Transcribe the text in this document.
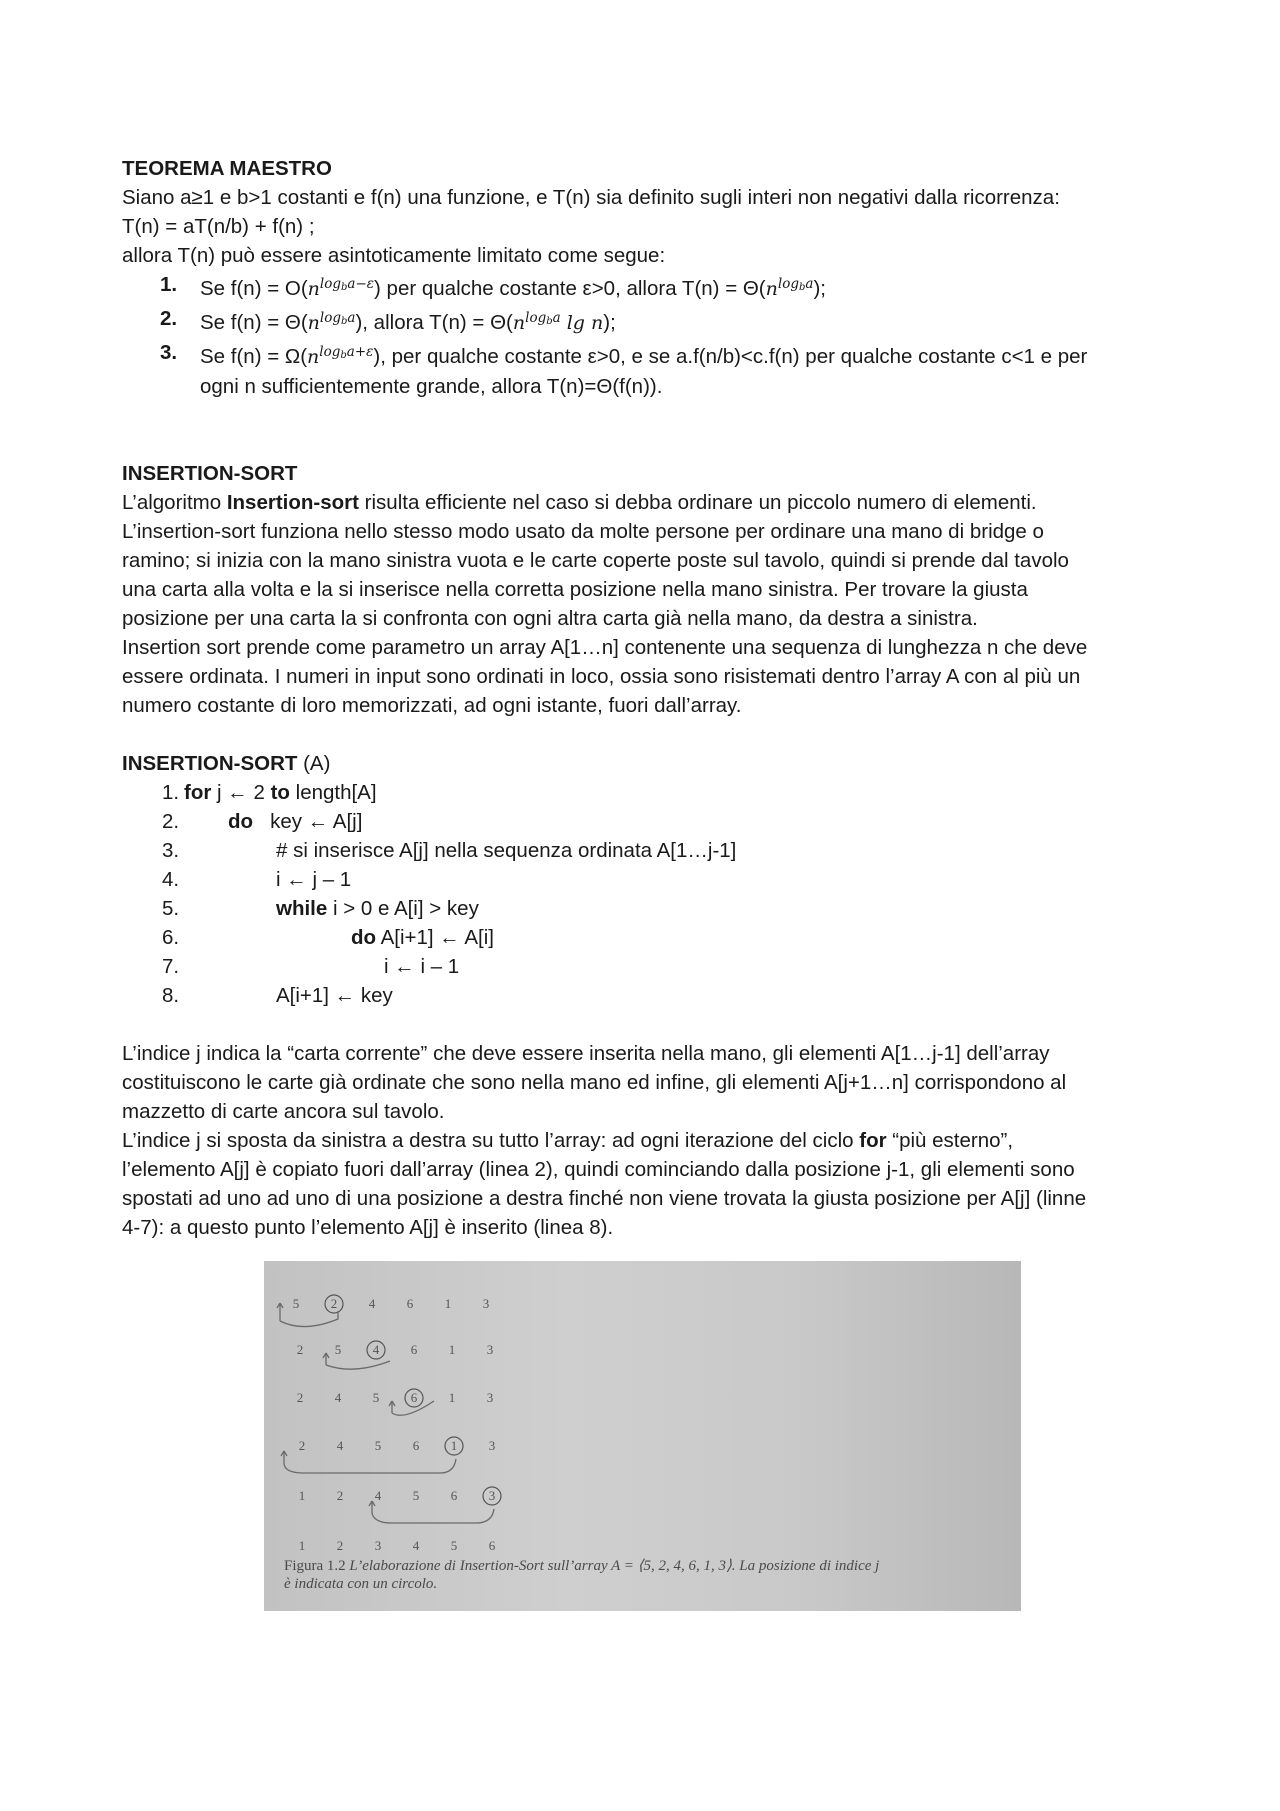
TEOREMA MAESTRO

Siano a≥1 e b>1 costanti e f(n) una funzione, e T(n) sia definito sugli interi non negativi dalla ricorrenza:

T(n) = aT(n/b) + f(n) ;

allora T(n) può essere asintoticamente limitato come segue:

1. Se $f(n) = O(n^{log_ba-\varepsilon})$ per qualche costante ε>0, allora $T(n) = \Theta(n^{log_ba})$;
2. Se $f(n) = \Theta(n^{log_ba})$, allora $T(n) = \Theta(n^{log_ba}$ lg n);
3. Se $f(n) = \Omega(n^{log_ba+\varepsilon})$, per qualche costante ε>0, e se a.f(n/b)<c.f(n) per qualche costante c<1 e per
ogni n sufficientemente grande, allora T(n)=Θ(f(n)).

INSERTION-SORT

L’algoritmo Insertion-sort risulta efficiente nel caso si debba ordinare un piccolo numero di elementi.

L’insertion-sort funziona nello stesso modo usato da molte persone per ordinare una mano di bridge o

ramino; si inizia con la mano sinistra vuota e le carte coperte poste sul tavolo, quindi si prende dal tavolo

una carta alla volta e la si inserisce nella corretta posizione nella mano sinistra. Per trovare la giusta

posizione per una carta la si confronta con ogni altra carta già nella mano, da destra a sinistra.

Insertion sort prende come parametro un array A[1…n] contenente una sequenza di lunghezza n che deve

essere ordinata. I numeri in input sono ordinati in loco, ossia sono risistemati dentro l’array A con al più un

numero costante di loro memorizzati, ad ogni istante, fuori dall’array.

INSERTION-SORT (A)

1. for j ← 2 to length[A]
2. do   key ← A[j]
3.	# si inserisce A[j] nella sequenza ordinata A[1…j-1]
4.	i ← j – 1
5.	while i > 0 e A[i] > key
6.	do A[i+1] ← A[i]
7.	i ← i – 1
8.	A[i+1] ← key

L’indice j indica la “carta corrente” che deve essere inserita nella mano, gli elementi A[1…j-1] dell’array

costituiscono le carte già ordinate che sono nella mano ed infine, gli elementi A[j+1…n] corrispondono al

mazzetto di carte ancora sul tavolo.

L’indice j si sposta da sinistra a destra su tutto l’array: ad ogni iterazione del ciclo for “più esterno”,

l’elemento A[j] è copiato fuori dall’array (linea 2), quindi cominciando dalla posizione j-1, gli elementi sono

spostati ad uno ad uno di una posizione a destra finché non viene trovata la giusta posizione per A[j] (linne

4-7): a questo punto l’elemento A[j] è inserito (linea 8).

5 2 4 6 1 3
2 5 4 6 1 3
2 4 5 6 1 3
2 4 5 6 1 3
1 2 4 5 6 3
1 2 3 4 5 6
Figura 1.2 L’elaborazione di Insertion-Sort sull’array A = ⟨5, 2, 4, 6, 1, 3⟩. La posizione di indice j
è indicata con un circolo.
